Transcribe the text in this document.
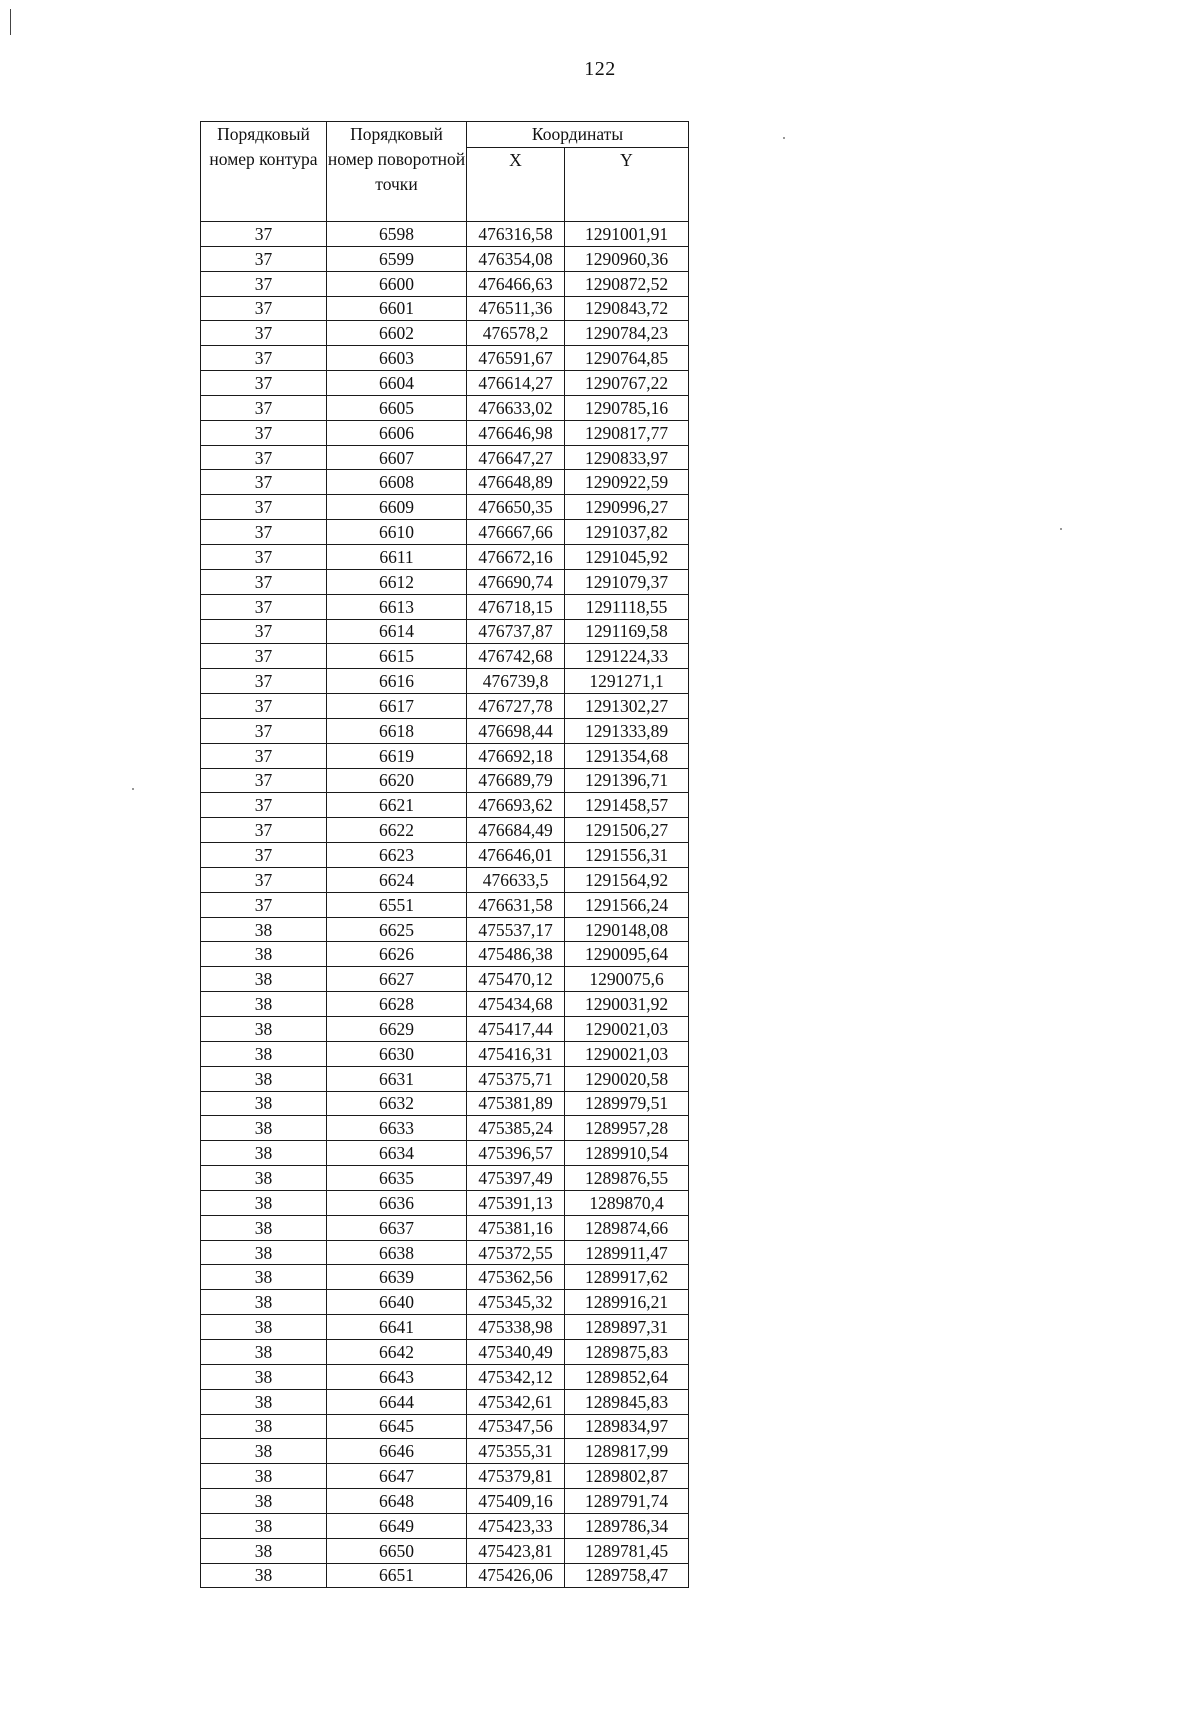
122
Порядковый номер контура	Порядковый номер поворотной точки	Координаты	
		X	Y
37	6598	476316,58	1291001,91
37	6599	476354,08	1290960,36
37	6600	476466,63	1290872,52
37	6601	476511,36	1290843,72
37	6602	476578,2	1290784,23
37	6603	476591,67	1290764,85
37	6604	476614,27	1290767,22
37	6605	476633,02	1290785,16
37	6606	476646,98	1290817,77
37	6607	476647,27	1290833,97
37	6608	476648,89	1290922,59
37	6609	476650,35	1290996,27
37	6610	476667,66	1291037,82
37	6611	476672,16	1291045,92
37	6612	476690,74	1291079,37
37	6613	476718,15	1291118,55
37	6614	476737,87	1291169,58
37	6615	476742,68	1291224,33
37	6616	476739,8	1291271,1
37	6617	476727,78	1291302,27
37	6618	476698,44	1291333,89
37	6619	476692,18	1291354,68
37	6620	476689,79	1291396,71
37	6621	476693,62	1291458,57
37	6622	476684,49	1291506,27
37	6623	476646,01	1291556,31
37	6624	476633,5	1291564,92
37	6551	476631,58	1291566,24
38	6625	475537,17	1290148,08
38	6626	475486,38	1290095,64
38	6627	475470,12	1290075,6
38	6628	475434,68	1290031,92
38	6629	475417,44	1290021,03
38	6630	475416,31	1290021,03
38	6631	475375,71	1290020,58
38	6632	475381,89	1289979,51
38	6633	475385,24	1289957,28
38	6634	475396,57	1289910,54
38	6635	475397,49	1289876,55
38	6636	475391,13	1289870,4
38	6637	475381,16	1289874,66
38	6638	475372,55	1289911,47
38	6639	475362,56	1289917,62
38	6640	475345,32	1289916,21
38	6641	475338,98	1289897,31
38	6642	475340,49	1289875,83
38	6643	475342,12	1289852,64
38	6644	475342,61	1289845,83
38	6645	475347,56	1289834,97
38	6646	475355,31	1289817,99
38	6647	475379,81	1289802,87
38	6648	475409,16	1289791,74
38	6649	475423,33	1289786,34
38	6650	475423,81	1289781,45
38	6651	475426,06	1289758,47
